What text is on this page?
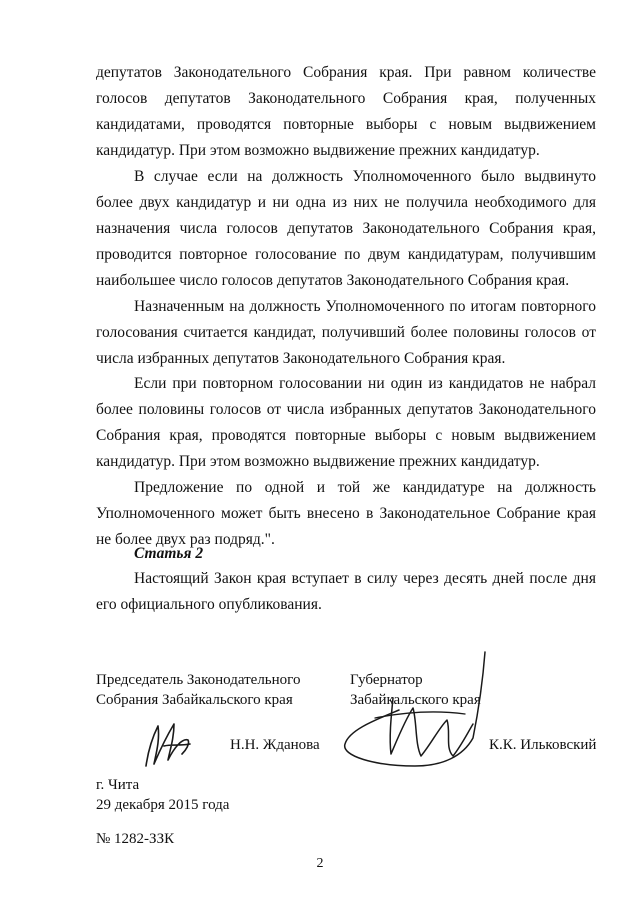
депутатов Законодательного Собрания края. При равном количестве голосов депутатов Законодательного Собрания края, полученных кандидатами, проводятся повторные выборы с новым выдвижением кандидатур. При этом возможно выдвижение прежних кандидатур.

В случае если на должность Уполномоченного было выдвинуто более двух кандидатур и ни одна из них не получила необходимого для назначения числа голосов депутатов Законодательного Собрания края, проводится повторное голосование по двум кандидатурам, получившим наибольшее число голосов депутатов Законодательного Собрания края.

Назначенным на должность Уполномоченного по итогам повторного голосования считается кандидат, получивший более половины голосов от числа избранных депутатов Законодательного Собрания края.

Если при повторном голосовании ни один из кандидатов не набрал более половины голосов от числа избранных депутатов Законодательного Собрания края, проводятся повторные выборы с новым выдвижением кандидатур. При этом возможно выдвижение прежних кандидатур.

Предложение по одной и той же кандидатуре на должность Уполномоченного может быть внесено в Законодательное Собрание края не более двух раз подряд.".

Статья 2

Настоящий Закон края вступает в силу через десять дней после дня его официального опубликования.

Председатель Законодательного
Собрания Забайкальского края
Н.Н. Жданова
Губернатор
Забайкальского края
К.К. Ильковский
г. Чита
29 декабря 2015 года
№ 1282-ЗЗК
2
